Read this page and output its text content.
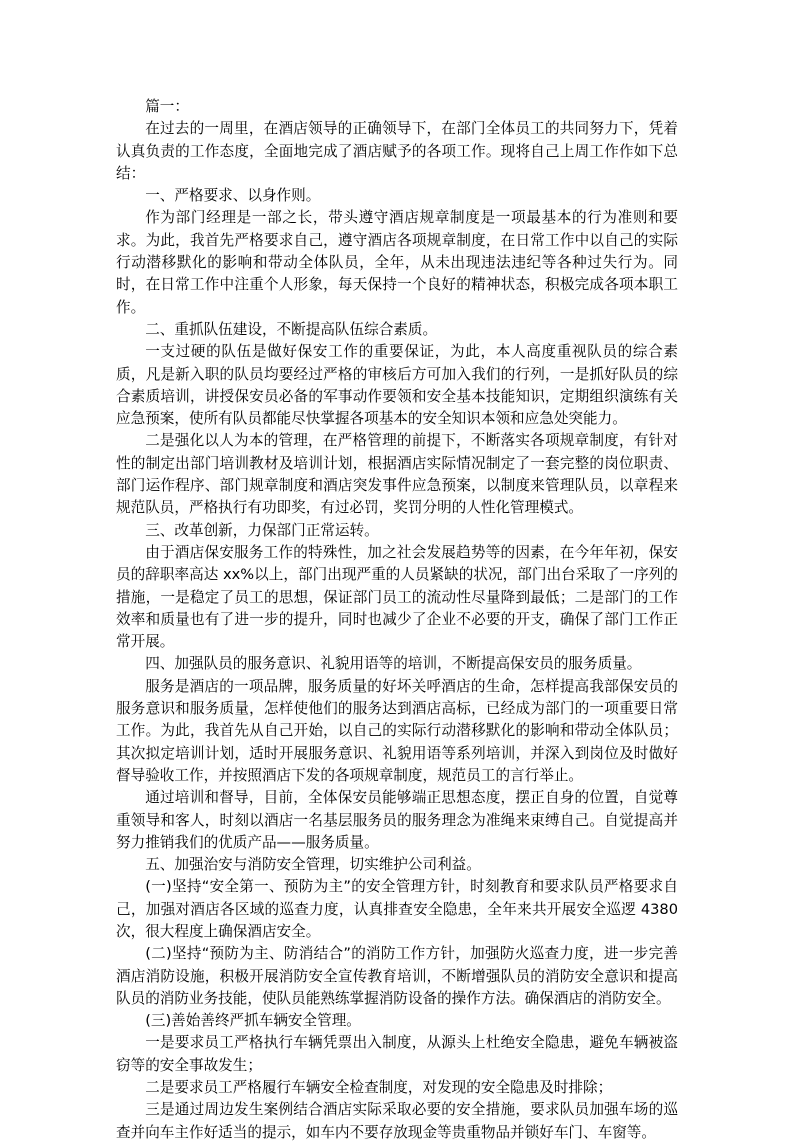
篇一：

在过去的一周里，在酒店领导的正确领导下，在部门全体员工的共同努力下，凭着认真负责的工作态度，全面地完成了酒店赋予的各项工作。现将自己上周工作作如下总结：

一、严格要求、以身作则。

作为部门经理是一部之长，带头遵守酒店规章制度是一项最基本的行为准则和要求。为此，我首先严格要求自己，遵守酒店各项规章制度，在日常工作中以自己的实际行动潜移默化的影响和带动全体队员，全年，从未出现违法违纪等各种过失行为。同时，在日常工作中注重个人形象，每天保持一个良好的精神状态，积极完成各项本职工作。

二、重抓队伍建设，不断提高队伍综合素质。

一支过硬的队伍是做好保安工作的重要保证，为此，本人高度重视队员的综合素质，凡是新入职的队员均要经过严格的审核后方可加入我们的行列，一是抓好队员的综合素质培训，讲授保安员必备的军事动作要领和安全基本技能知识，定期组织演练有关应急预案，使所有队员都能尽快掌握各项基本的安全知识本领和应急处突能力。

二是强化以人为本的管理，在严格管理的前提下，不断落实各项规章制度，有针对性的制定出部门培训教材及培训计划，根据酒店实际情况制定了一套完整的岗位职责、部门运作程序、部门规章制度和酒店突发事件应急预案，以制度来管理队员，以章程来规范队员，严格执行有功即奖，有过必罚，奖罚分明的人性化管理模式。

三、改革创新，力保部门正常运转。

由于酒店保安服务工作的特殊性，加之社会发展趋势等的因素，在今年年初，保安员的辞职率高达 xx%以上，部门出现严重的人员紧缺的状况，部门出台采取了一序列的措施，一是稳定了员工的思想，保证部门员工的流动性尽量降到最低；二是部门的工作效率和质量也有了进一步的提升，同时也减少了企业不必要的开支，确保了部门工作正常开展。

四、加强队员的服务意识、礼貌用语等的培训，不断提高保安员的服务质量。

服务是酒店的一项品牌，服务质量的好坏关呼酒店的生命，怎样提高我部保安员的服务意识和服务质量，怎样使他们的服务达到酒店高标，已经成为部门的一项重要日常工作。为此，我首先从自己开始，以自己的实际行动潜移默化的影响和带动全体队员；其次拟定培训计划，适时开展服务意识、礼貌用语等系列培训，并深入到岗位及时做好督导验收工作，并按照酒店下发的各项规章制度，规范员工的言行举止。

通过培训和督导，目前，全体保安员能够端正思想态度，摆正自身的位置，自觉尊重领导和客人，时刻以酒店一名基层服务员的服务理念为准绳来束缚自己。自觉提高并努力推销我们的优质产品——服务质量。

五、加强治安与消防安全管理，切实维护公司利益。

(一)坚持“安全第一、预防为主”的安全管理方针，时刻教育和要求队员严格要求自己，加强对酒店各区域的巡查力度，认真排查安全隐患，全年来共开展安全巡逻 4380 次，很大程度上确保酒店安全。

(二)坚持“预防为主、防消结合”的消防工作方针，加强防火巡查力度，进一步完善酒店消防设施，积极开展消防安全宣传教育培训，不断增强队员的消防安全意识和提高队员的消防业务技能，使队员能熟练掌握消防设备的操作方法。确保酒店的消防安全。

(三)善始善终严抓车辆安全管理。

一是要求员工严格执行车辆凭票出入制度，从源头上杜绝安全隐患，避免车辆被盗窃等的安全事故发生；

二是要求员工严格履行车辆安全检查制度，对发现的安全隐患及时排除；

三是通过周边发生案例结合酒店实际采取必要的安全措施，要求队员加强车场的巡查并向车主作好适当的提示，如车内不要存放现金等贵重物品并锁好车门、车窗等。
